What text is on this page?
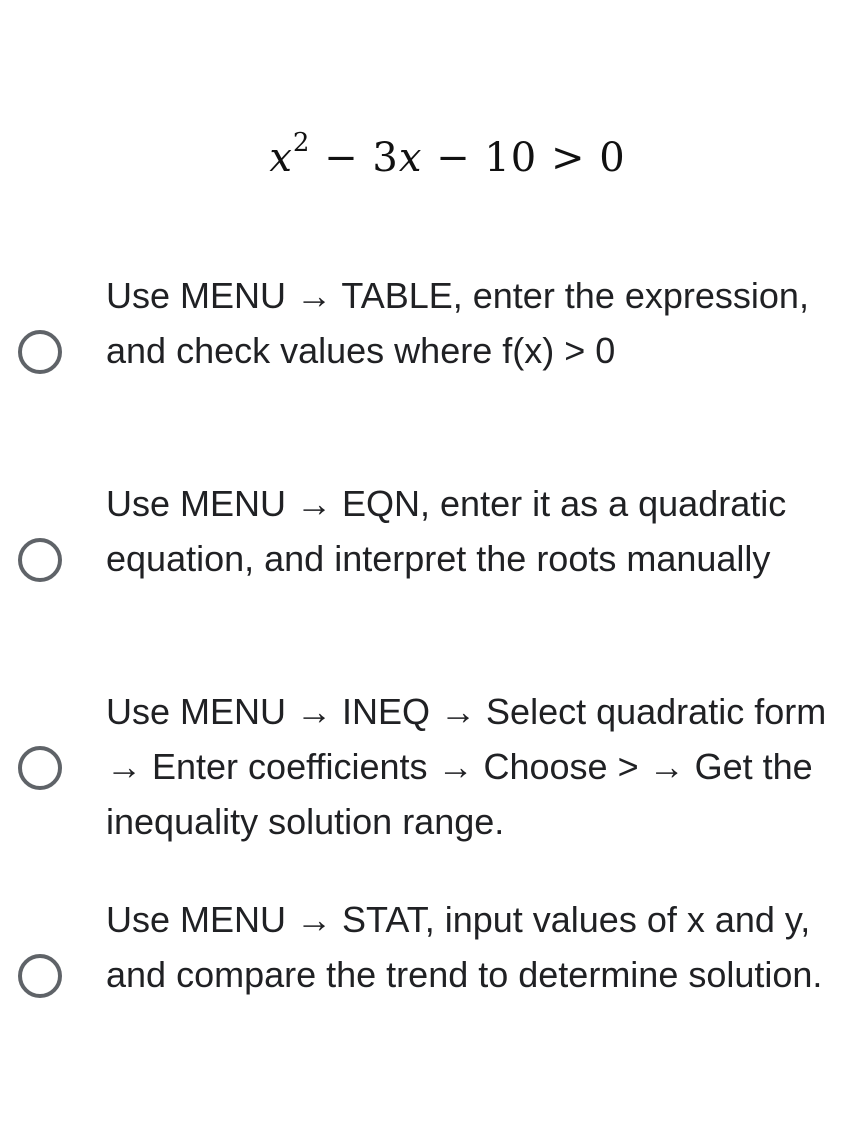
$x^2 - 3x - 10 > 0$
Use MENU → TABLE, enter the expression, and check values where f(x) > 0
Use MENU → EQN, enter it as a quadratic equation, and interpret the roots manually
Use MENU → INEQ → Select quadratic form → Enter coefficients → Choose > → Get the inequality solution range.
Use MENU → STAT, input values of x and y, and compare the trend to determine solution.
